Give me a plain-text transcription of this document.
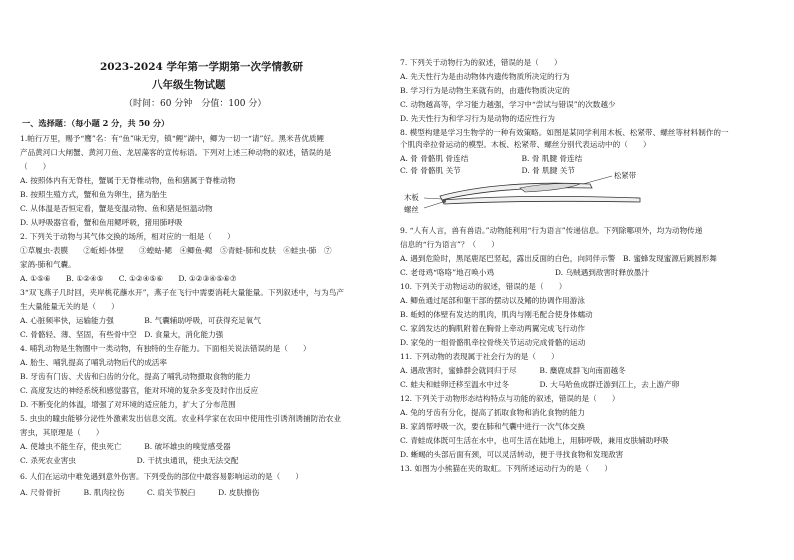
2023-2024 学年第一学期第一次学情教研
八年级生物试题
（时间：60 分钟　分值：100 分）
一、选择题：（每小题 2 分，共 50 分）
1.帕行万里，赐予“鹰”名：有“鱼”味无穷，镇“鲤”湖中，鲫为一切一“请”好。黑米昔优质鲤
产品黄河口大闸蟹、黄河刀鱼、龙居藻客的宣传标语。下列对上述三种动物的叙述，错误的是
（　　）
A. 按照体内有无脊柱，蟹属于无脊椎动物，鱼和猪属于脊椎动物
B. 按照生殖方式，蟹和鱼为卵生，猪为胎生
C. 从体温是否恒定看，蟹是变温动物、鱼和猪是恒温动物
D. 从呼吸器官看，蟹和鱼用鳃呼吸，猪用肺呼吸
2. 下列关于动物与其气体交换的场所，相对应的一组是（　　）
①草履虫-表膜　　②蚯蚓-体壁　　③蝗蛄-鳃　④鲫鱼-鳃　⑤青蛙-肺和皮肤　⑥蛙虫-肺　⑦
家鸽-肺和气囊。
A. ①⑤⑥　　B. ①②④⑤　　C. ①②④⑤⑥　　D. ①②③④⑤⑥⑦
3“双飞燕子几时回，夹岸桃花蘸水开”，燕子在飞行中需要消耗大量能量。下列叙述中，与为鸟产
生大量能量无关的是（　　）
A. 心脏频率快，运输能力强　　　　B. 气囊辅助呼吸，可获得充足氧气
C. 骨骼轻、薄、坚固，有些骨中空　D. 食量大，消化能力强
4. 哺乳动物是生物圈中一类动物，有独特的生存能力。下面相关说法错误的是（　　）
A. 胎生、哺乳提高了哺乳动物后代的成活率
B. 牙齿有门齿、犬齿和臼齿的分化，提高了哺乳动物摄取食物的能力
C. 高度发达的神经系统和感觉器官，能对环境的复杂多变及时作出反应
D. 不断变化的体温，增强了对环境的适应能力，扩大了分布范围
5. 虫虫的瞳虫能够分泌性外激素发出信息交流。农业科学家在农田中使用性引诱剂诱捕防治农业
害虫，其原理是（　　）
A. 使雄虫不能生存，使虫死亡　　　B. 破坏雄虫的嗅觉感受器
C. 杀死农业害虫　　　　　　　　D. 干扰虫通讯，使虫无法交配
6. 人们在运动中难免遇到意外伤害。下列受伤的部位中最容易影响运动的是（　　）
A. 尺骨骨折　　　B. 肌肉拉伤　　　C. 肩关节脱臼　　　D. 皮肤擦伤
7. 下列关于动物行为的叙述，错误的是（　　）
A. 先天性行为是由动物体内遗传物质所决定的行为
B. 学习行为是动物生来就有的，由遗传物质决定的
C. 动物越高等，学习能力越强，学习中“尝试与错误”的次数越少
D. 先天性行为和学习行为是动物的适应性行为
8. 模型构建是学习生物学的一种有效策略。如图是某同学利用木板、松紧带、螺丝等材料制作的一
个肌肉牵拉骨运动的模型。木板、松紧带、螺丝分别代表运动中的（　　）
A. 骨 骨骼肌 骨连结　　　　　　　B. 骨 肌腱 骨连结
C. 骨 骨骼肌 关节　　　　　　　　D. 骨 肌腱 关节
9. “人有人言，兽有兽语。”动物能利用“行为语言”传递信息。下列除哪项外，均为动物传递
信息的“行为语言”？（　　）
A. 遇到危险时，黑尾鹿尾巴竖起，露出反面的白色，向同伴示警　B. 蜜蜂发现蜜源后跳圆形舞
C. 老母鸡“咯咯”地召唤小鸡　　　　　　　　D. 乌贼遇到敌害时释放墨汁
10. 下列关于动物运动的叙述，错误的是（　　）
A. 鲫鱼通过尾部和躯干部的摆动以及鳍的协调作用游泳
B. 蚯蚓的体壁有发达的肌肉，肌肉与刚毛配合使身体蠕动
C. 家鸽发达的胸肌附着在胸骨上牵动两翼完成飞行动作
D. 家兔的一组骨骼肌牵拉骨绕关节运动完成骨骼的运动
11. 下列动物的表现属于社会行为的是（　　）
A. 遇敌害时，蜜蜂群会就同归于尽　　　B. 麋鹿成群飞向南面越冬
C. 蛙夫和蛙卵迁移至温水中过冬　　　　D. 大马哈鱼成群迁游到江上，去上游产卵
12. 下列关于动物形态结构特点与功能的叙述，错误的是（　　）
A. 兔的牙齿有分化，提高了抓取食物和消化食物的能力
B. 家鸽帮呼吸一次，要在肺和气囊中进行一次气体交换
C. 青蛙成体既可生活在水中，也可生活在陆地上，用肺呼吸，兼用皮肤辅助呼吸
D. 蜥蜴的头部后面有颈，可以灵活转动，便于寻找食物和发现敌害
13. 如图为小熊猫在夹的取虹。下列所述运动行为的是（　　）
木板
螺丝
松紧带
